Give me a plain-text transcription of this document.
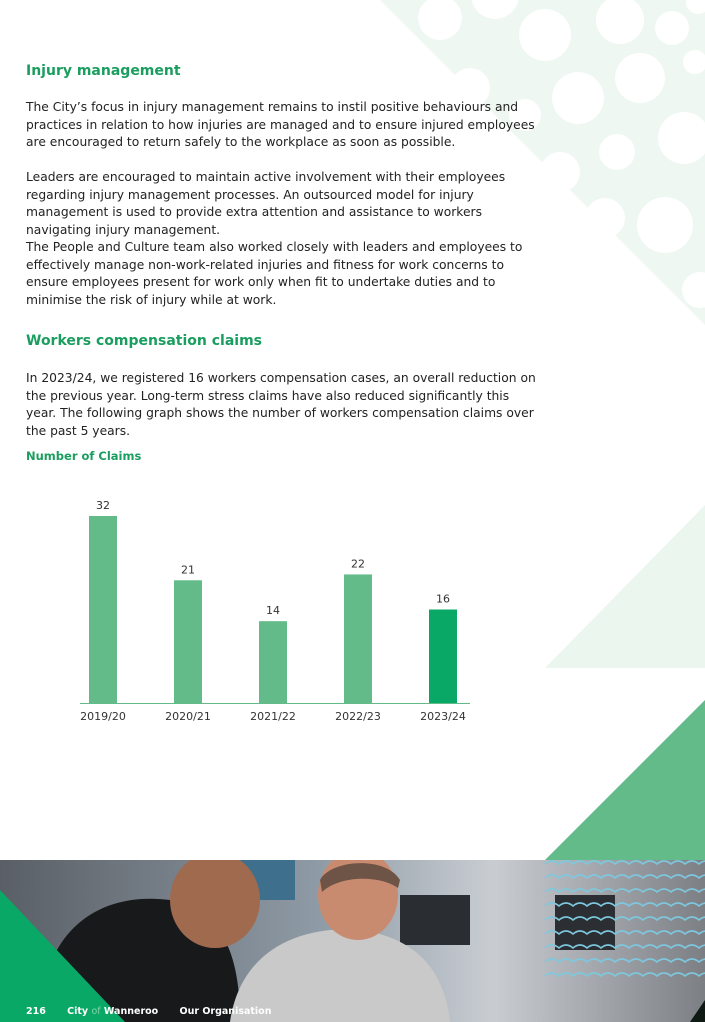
Injury management

The City’s focus in injury management remains to instil positive behaviours and practices in relation to how injuries are managed and to ensure injured employees are encouraged to return safely to the workplace as soon as possible.

Leaders are encouraged to maintain active involvement with their employees regarding injury management processes. An outsourced model for injury management is used to provide extra attention and assistance to workers navigating injury management.

The People and Culture team also worked closely with leaders and employees to effectively manage non-work-related injuries and fitness for work concerns to ensure employees present for work only when fit to undertake duties and to minimise the risk of injury while at work.

Workers compensation claims

In 2023/24, we registered 16 workers compensation cases, an overall reduction on the previous year. Long-term stress claims have also reduced significantly this year. The following graph shows the number of workers compensation claims over the past 5 years.

Number of Claims
32
2019/20
21
2020/21
14
2021/22
22
2022/23
16
2023/24
216 City of Wanneroo Our Organisation
